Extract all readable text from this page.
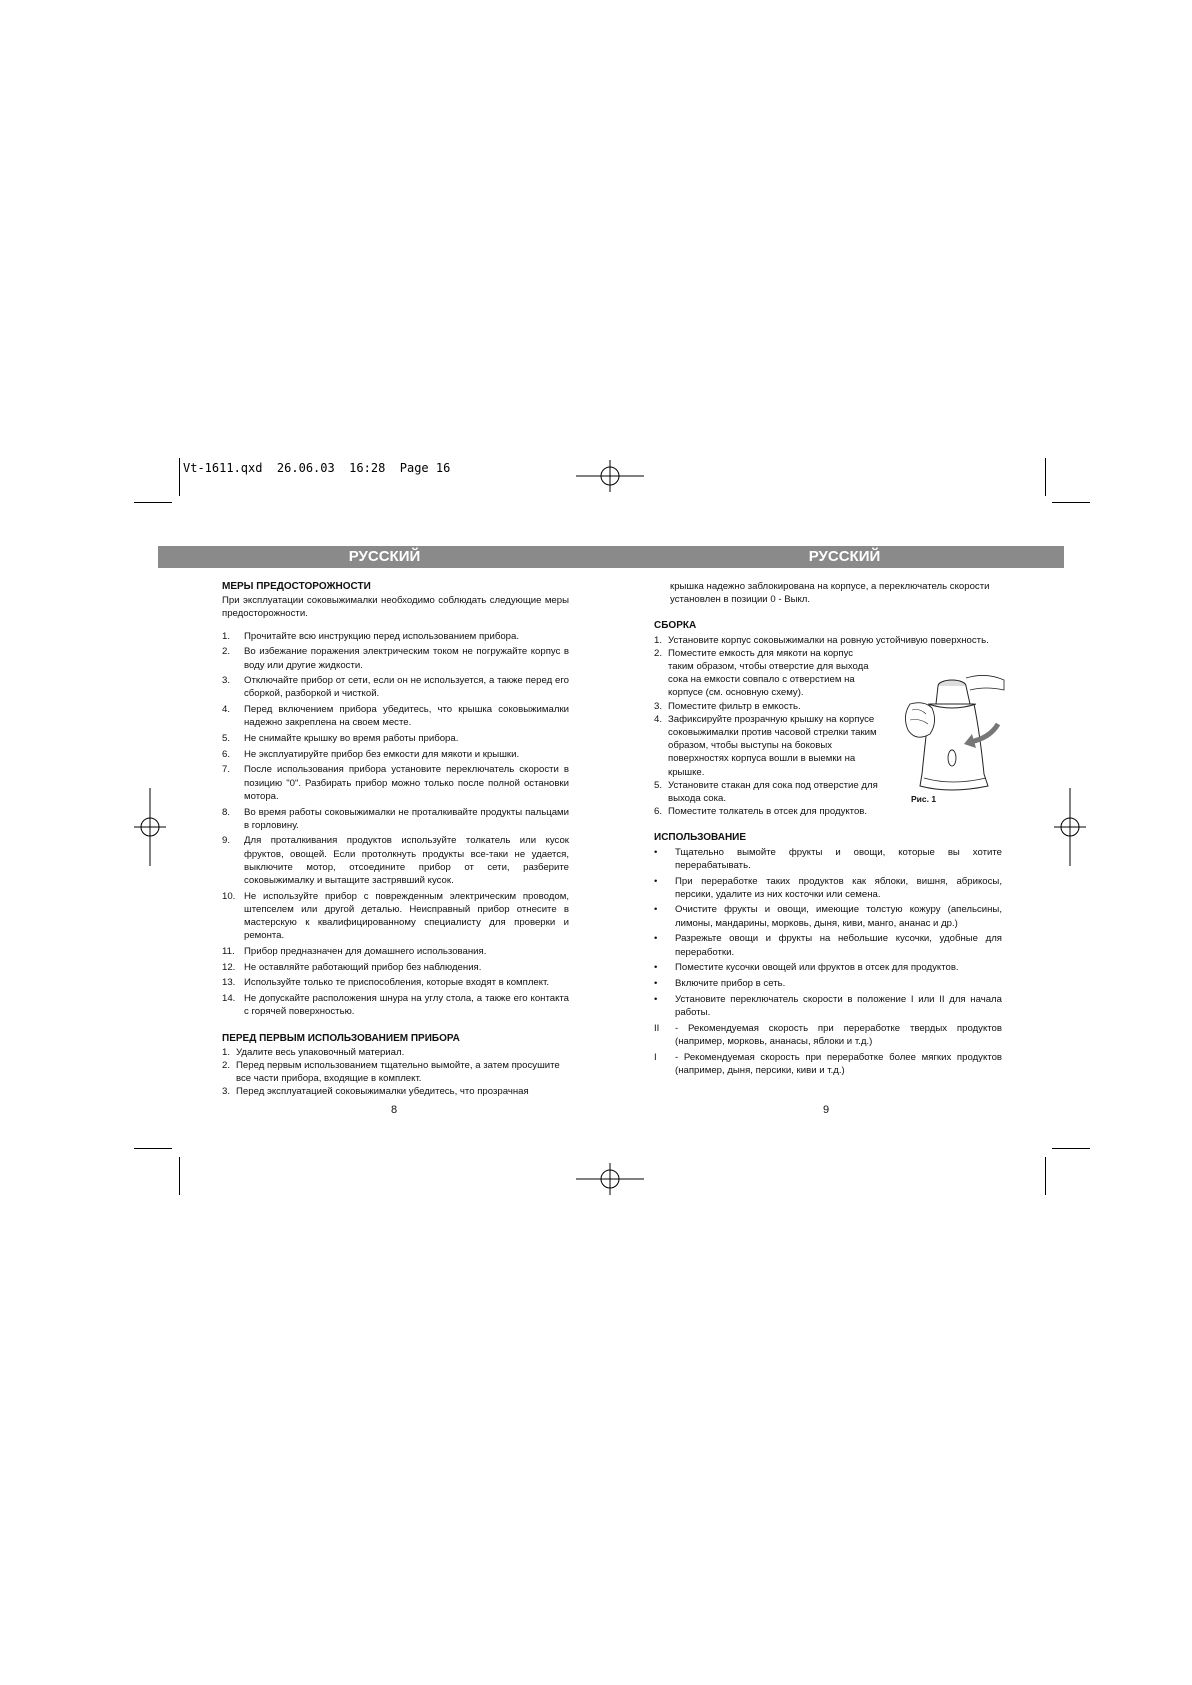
Vt-1611.qxd  26.06.03  16:28  Page 16
РУССКИЙ	РУССКИЙ
МЕРЫ ПРЕДОСТОРОЖНОСТИ

При эксплуатации соковыжималки необходимо соблюдать следующие меры предосторожности.

1. Прочитайте всю инструкцию перед использованием прибора.
2. Во избежание поражения электрическим током не погружайте корпус в воду или другие жидкости.
3. Отключайте прибор от сети, если он не используется, а также перед его сборкой, разборкой и чисткой.
4. Перед включением прибора убедитесь, что крышка соковыжималки надежно закреплена на своем месте.
5. Не снимайте крышку во время работы прибора.
6. Не эксплуатируйте прибор без емкости для мякоти и крышки.
7. После использования прибора установите переключатель скорости в позицию "0". Разбирать прибор можно только после полной остановки мотора.
8. Во время работы соковыжималки не проталкивайте продукты пальцами в горловину.
9. Для проталкивания продуктов используйте толкатель или кусок фруктов, овощей. Если протолкнуть продукты все-таки не удается, выключите мотор, отсоедините прибор от сети, разберите соковыжималку и вытащите застрявший кусок.
10. Не используйте прибор с поврежденным электрическим проводом, штепселем или другой деталью. Неисправный прибор отнесите в мастерскую к квалифицированному специалисту для проверки и ремонта.
11. Прибор предназначен для домашнего использования.
12. Не оставляйте работающий прибор без наблюдения.
13. Используйте только те приспособления, которые входят в комплект.
14. Не допускайте расположения шнура на углу стола, а также его контакта с горячей поверхностью.
ПЕРЕД ПЕРВЫМ ИСПОЛЬЗОВАНИЕМ ПРИБОРА
1. Удалите весь упаковочный материал.
2. Перед первым использованием тщательно вымойте, а затем просушите все части прибора, входящие в комплект.
3. Перед эксплуатацией соковыжималки убедитесь, что прозрачная
8

крышка надежно заблокирована на корпусе, а переключатель скорости установлен в позиции 0 - Выкл.

СБОРКА
1. Установите корпус соковыжималки на ровную устойчивую поверхность.
2. Поместите емкость для мякоти на корпус таким образом, чтобы отверстие для выхода сока на емкости совпало с отверстием на корпусе (см. основную схему).
3. Поместите фильтр в емкость.
4. Зафиксируйте прозрачную крышку на корпусе соковыжималки против часовой стрелки таким образом, чтобы выступы на боковых поверхностях корпуса вошли в выемки на крышке.
5. Установите стакан для сока под отверстие для выхода сока.
6. Поместите толкатель в отсек для продуктов.
ИСПОЛЬЗОВАНИЕ
• Тщательно вымойте фрукты и овощи, которые вы хотите перерабатывать.
• При переработке таких продуктов как яблоки, вишня, абрикосы, персики, удалите из них косточки или семена.
• Очистите фрукты и овощи, имеющие толстую кожуру (апельсины, лимоны, мандарины, морковь, дыня, киви, манго, ананас и др.)
• Разрежьте овощи и фрукты на небольшие кусочки, удобные для переработки.
• Поместите кусочки овощей или фруктов в отсек для продуктов.
• Включите прибор в сеть.
• Установите переключатель скорости в положение I или II для начала работы.
II - Рекомендуемая скорость при переработке твердых продуктов (например, морковь, ананасы, яблоки и т.д.)
I - Рекомендуемая скорость при переработке более мягких продуктов (например, дыня, персики, киви и т.д.)
9
Рис. 1
